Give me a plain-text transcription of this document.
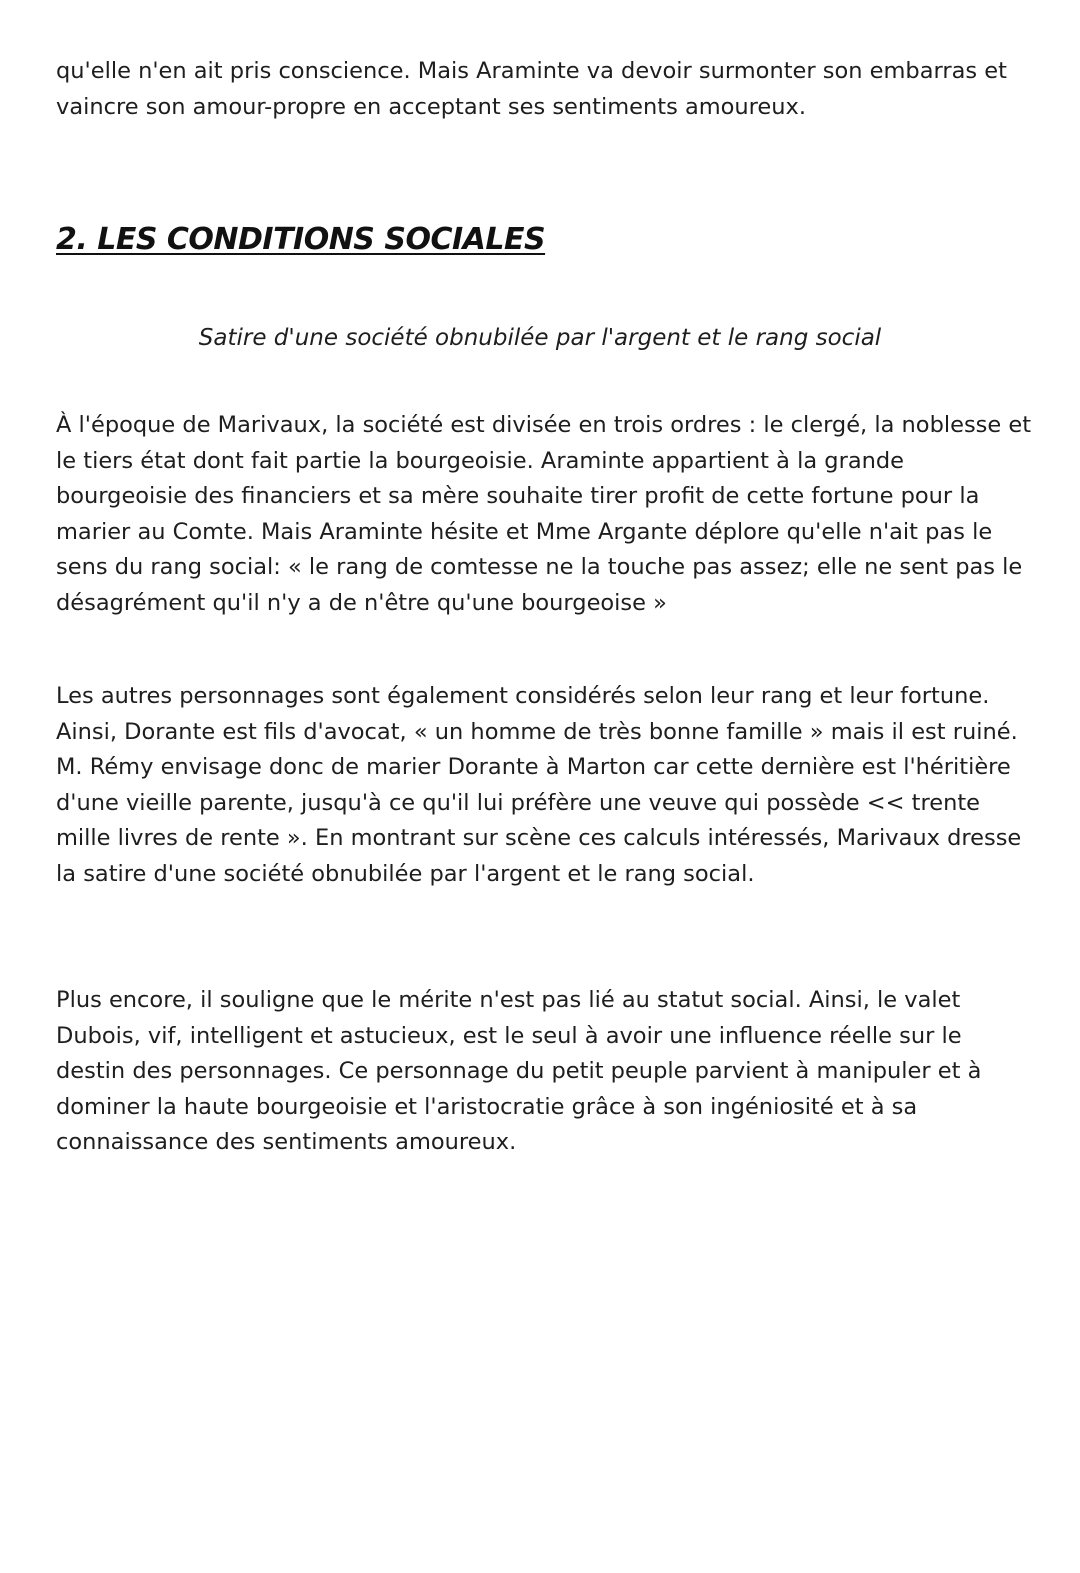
qu'elle n'en ait pris conscience. Mais Araminte va devoir surmonter son embarras et vaincre son amour-propre en acceptant ses sentiments amoureux.

2. LES CONDITIONS SOCIALES

Satire d'une société obnubilée par l'argent et le rang social

À l'époque de Marivaux, la société est divisée en trois ordres : le clergé, la noblesse et le tiers état dont fait partie la bourgeoisie. Araminte appartient à la grande bourgeoisie des financiers et sa mère souhaite tirer profit de cette fortune pour la marier au Comte. Mais Araminte hésite et Mme Argante déplore qu'elle n'ait pas le sens du rang social: « le rang de comtesse ne la touche pas assez; elle ne sent pas le désagrément qu'il n'y a de n'être qu'une bourgeoise »

Les autres personnages sont également considérés selon leur rang et leur fortune. Ainsi, Dorante est fils d'avocat, « un homme de très bonne famille » mais il est ruiné. M. Rémy envisage donc de marier Dorante à Marton car cette dernière est l'héritière d'une vieille parente, jusqu'à ce qu'il lui préfère une veuve qui possède << trente mille livres de rente ». En montrant sur scène ces calculs intéressés, Marivaux dresse la satire d'une société obnubilée par l'argent et le rang social.

Plus encore, il souligne que le mérite n'est pas lié au statut social. Ainsi, le valet Dubois, vif, intelligent et astucieux, est le seul à avoir une influence réelle sur le destin des personnages. Ce personnage du petit peuple parvient à manipuler et à dominer la haute bourgeoisie et l'aristocratie grâce à son ingéniosité et à sa connaissance des sentiments amoureux.
